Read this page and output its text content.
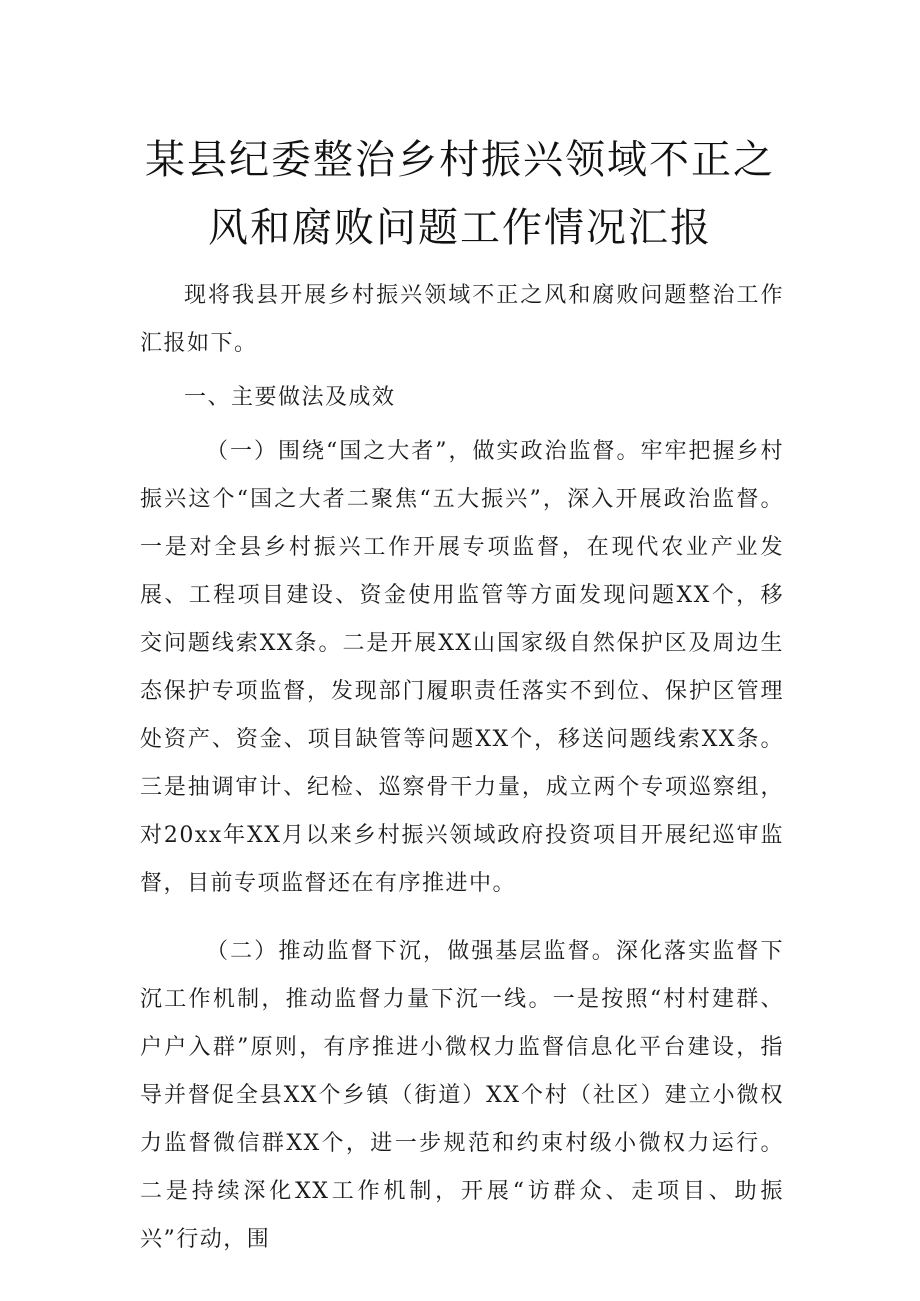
某县纪委整治乡村振兴领域不正之
风和腐败问题工作情况汇报

现将我县开展乡村振兴领域不正之风和腐败问题整治工作汇报如下。

一、主要做法及成效

（一）围绕“国之大者”，做实政治监督。牢牢把握乡村振兴这个“国之大者二聚焦“五大振兴”，深入开展政治监督。一是对全县乡村振兴工作开展专项监督，在现代农业产业发展、工程项目建设、资金使用监管等方面发现问题XX个，移交问题线索XX条。二是开展XX山国家级自然保护区及周边生态保护专项监督，发现部门履职责任落实不到位、保护区管理处资产、资金、项目缺管等问题XX个，移送问题线索XX条。三是抽调审计、纪检、巡察骨干力量，成立两个专项巡察组，对20xx年XX月以来乡村振兴领域政府投资项目开展纪巡审监督，目前专项监督还在有序推进中。

（二）推动监督下沉，做强基层监督。深化落实监督下沉工作机制，推动监督力量下沉一线。一是按照“村村建群、户户入群”原则，有序推进小微权力监督信息化平台建设，指导并督促全县XX个乡镇（街道）XX个村（社区）建立小微权力监督微信群XX个，进一步规范和约束村级小微权力运行。二是持续深化XX工作机制，开展“访群众、走项目、助振兴”行动，围
